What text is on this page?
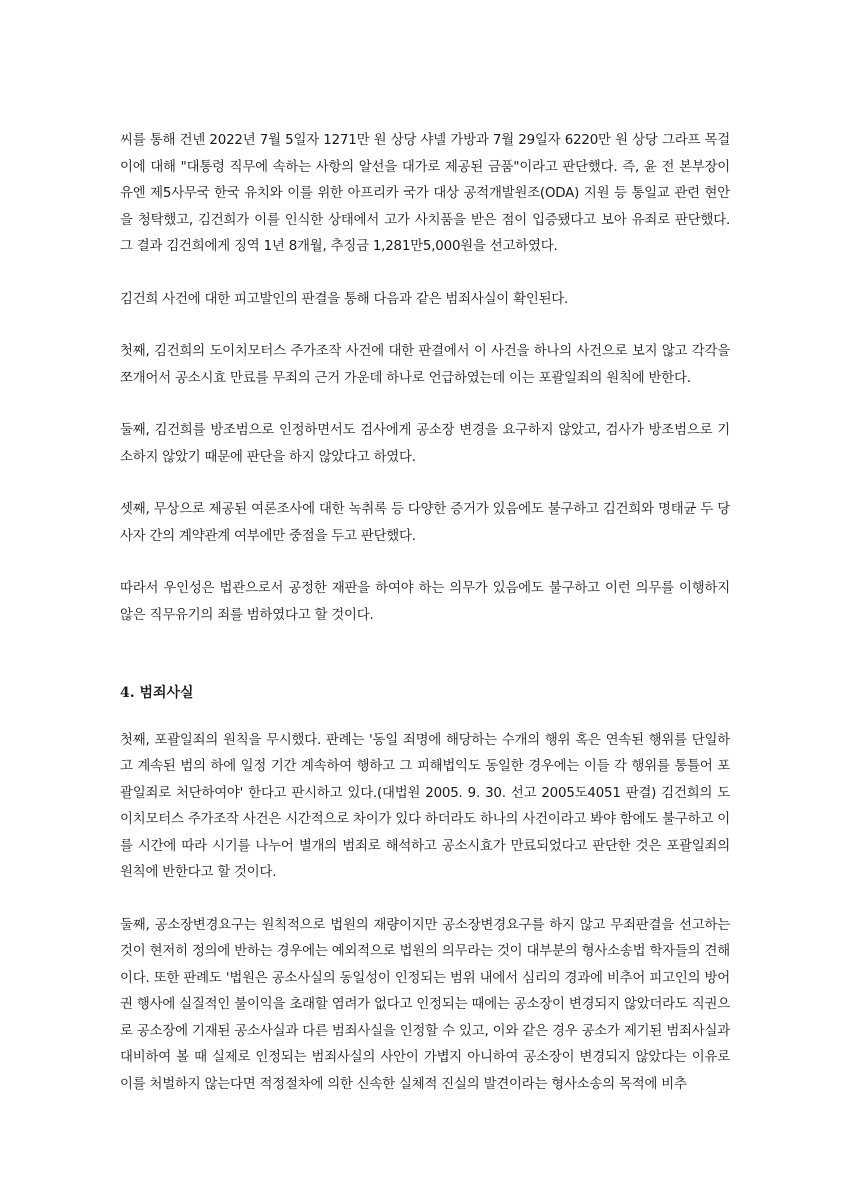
씨를 통해 건넨 2022년 7월 5일자 1271만 원 상당 샤넬 가방과 7월 29일자 6220만 원 상당 그라프 목걸이에 대해 "대통령 직무에 속하는 사항의 알선을 대가로 제공된 금품"이라고 판단했다. 즉, 윤 전 본부장이 유엔 제5사무국 한국 유치와 이를 위한 아프리카 국가 대상 공적개발원조(ODA) 지원 등 통일교 관련 현안을 청탁했고, 김건희가 이를 인식한 상태에서 고가 사치품을 받은 점이 입증됐다고 보아 유죄로 판단했다. 그 결과 김건희에게 징역 1년 8개월, 추징금 1,281만5,000원을 선고하였다.

김건희 사건에 대한 피고발인의 판결을 통해 다음과 같은 범죄사실이 확인된다.

첫째, 김건희의 도이치모터스 주가조작 사건에 대한 판결에서 이 사건을 하나의 사건으로 보지 않고 각각을 쪼개어서 공소시효 만료를 무죄의 근거 가운데 하나로 언급하였는데 이는 포괄일죄의 원칙에 반한다.

둘째, 김건희를 방조범으로 인정하면서도 검사에게 공소장 변경을 요구하지 않았고, 검사가 방조범으로 기소하지 않았기 때문에 판단을 하지 않았다고 하였다.

셋째, 무상으로 제공된 여론조사에 대한 녹취록 등 다양한 증거가 있음에도 불구하고 김건희와 명태균 두 당사자 간의 계약관계 여부에만 중점을 두고 판단했다.

따라서 우인성은 법관으로서 공정한 재판을 하여야 하는 의무가 있음에도 불구하고 이런 의무를 이행하지 않은 직무유기의 죄를 범하였다고 할 것이다.

4. 범죄사실

첫째, 포괄일죄의 원칙을 무시했다. 판례는 '동일 죄명에 해당하는 수개의 행위 혹은 연속된 행위를 단일하고 계속된 범의 하에 일정 기간 계속하여 행하고 그 피해법익도 동일한 경우에는 이들 각 행위를 통틀어 포괄일죄로 처단하여야' 한다고 판시하고 있다.(대법원 2005. 9. 30. 선고 2005도4051 판결) 김건희의 도이치모터스 주가조작 사건은 시간적으로 차이가 있다 하더라도 하나의 사건이라고 봐야 함에도 불구하고 이를 시간에 따라 시기를 나누어 별개의 범죄로 해석하고 공소시효가 만료되었다고 판단한 것은 포괄일죄의 원칙에 반한다고 할 것이다.

둘째, 공소장변경요구는 원칙적으로 법원의 재량이지만 공소장변경요구를 하지 않고 무죄판결을 선고하는 것이 현저히 정의에 반하는 경우에는 예외적으로 법원의 의무라는 것이 대부분의 형사소송법 학자들의 견해이다. 또한 판례도 '법원은 공소사실의 동일성이 인정되는 범위 내에서 심리의 경과에 비추어 피고인의 방어권 행사에 실질적인 불이익을 초래할 염려가 없다고 인정되는 때에는 공소장이 변경되지 않았더라도 직권으로 공소장에 기재된 공소사실과 다른 범죄사실을 인정할 수 있고, 이와 같은 경우 공소가 제기된 범죄사실과 대비하여 볼 때 실제로 인정되는 범죄사실의 사안이 가볍지 아니하여 공소장이 변경되지 않았다는 이유로 이를 처벌하지 않는다면 적정절차에 의한 신속한 실체적 진실의 발견이라는 형사소송의 목적에 비추
